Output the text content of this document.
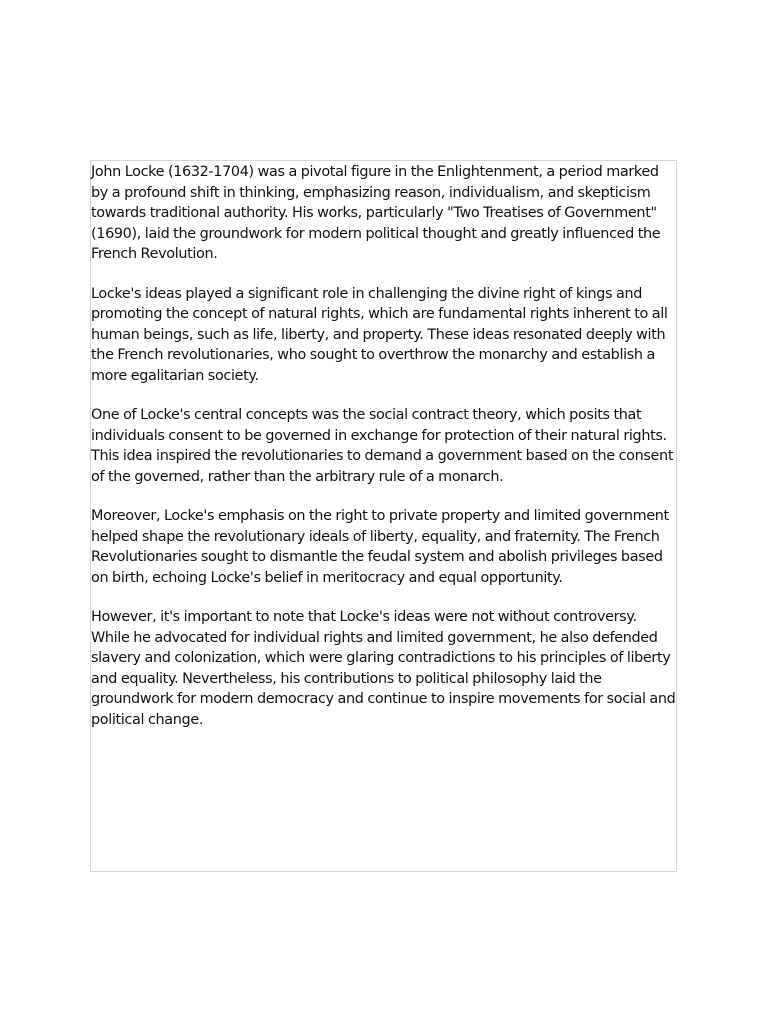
John Locke (1632-1704) was a pivotal figure in the Enlightenment, a period marked by a profound shift in thinking, emphasizing reason, individualism, and skepticism towards traditional authority. His works, particularly "Two Treatises of Government" (1690), laid the groundwork for modern political thought and greatly influenced the French Revolution.

Locke's ideas played a significant role in challenging the divine right of kings and promoting the concept of natural rights, which are fundamental rights inherent to all human beings, such as life, liberty, and property. These ideas resonated deeply with the French revolutionaries, who sought to overthrow the monarchy and establish a more egalitarian society.

One of Locke's central concepts was the social contract theory, which posits that individuals consent to be governed in exchange for protection of their natural rights. This idea inspired the revolutionaries to demand a government based on the consent of the governed, rather than the arbitrary rule of a monarch.

Moreover, Locke's emphasis on the right to private property and limited government helped shape the revolutionary ideals of liberty, equality, and fraternity. The French Revolutionaries sought to dismantle the feudal system and abolish privileges based on birth, echoing Locke's belief in meritocracy and equal opportunity.

However, it's important to note that Locke's ideas were not without controversy. While he advocated for individual rights and limited government, he also defended slavery and colonization, which were glaring contradictions to his principles of liberty and equality. Nevertheless, his contributions to political philosophy laid the groundwork for modern democracy and continue to inspire movements for social and political change.
